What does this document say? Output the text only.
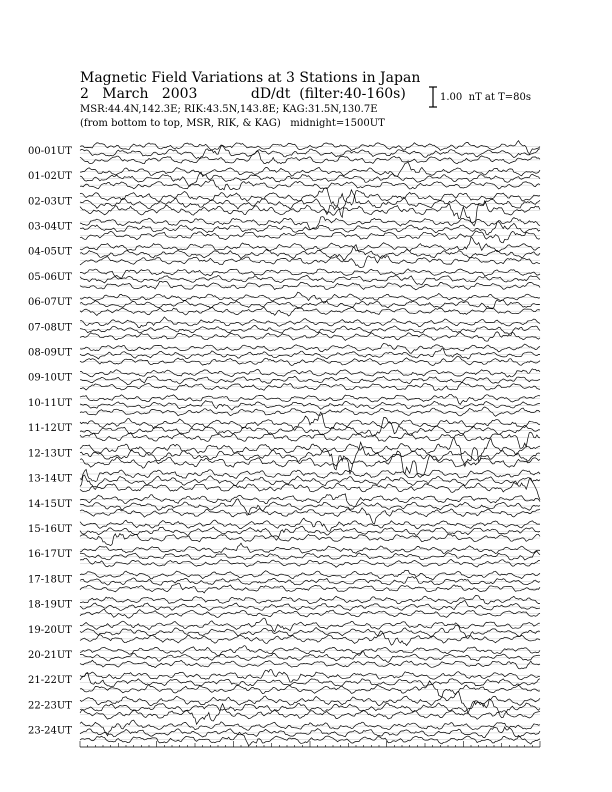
Magnetic Field Variations at 3 Stations in Japan
2   March   2003	dD/dt  (filter:40-160s)
MSR:44.4N,142.3E; RIK:43.5N,143.8E; KAG:31.5N,130.7E
(from bottom to top, MSR, RIK, & KAG)   midnight=1500UT
1.00  nT at T=80s
00-01UT
01-02UT
02-03UT
03-04UT
04-05UT
05-06UT
06-07UT
07-08UT
08-09UT
09-10UT
10-11UT
11-12UT
12-13UT
13-14UT
14-15UT
15-16UT
16-17UT
17-18UT
18-19UT
19-20UT
20-21UT
21-22UT
22-23UT
23-24UT
